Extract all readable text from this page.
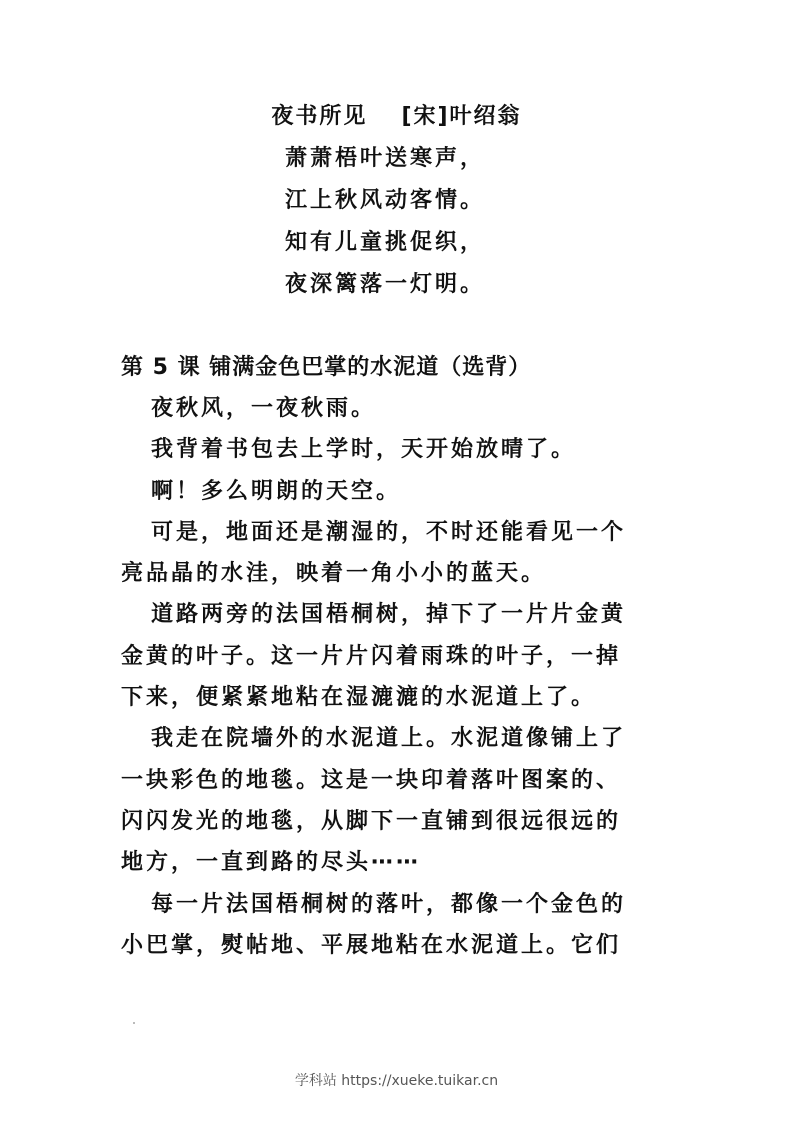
夜书所见 [宋]叶绍翁
萧萧梧叶送寒声，
江上秋风动客情。
知有儿童挑促织，
夜深篱落一灯明。
第 5 课 铺满金色巴掌的水泥道（选背）
夜秋风，一夜秋雨。
我背着书包去上学时，天开始放晴了。
啊！多么明朗的天空。
可是，地面还是潮湿的，不时还能看见一个
亮品晶的水洼，映着一角小小的蓝天。
道路两旁的法国梧桐树，掉下了一片片金黄
金黄的叶子。这一片片闪着雨珠的叶子，一掉
下来，便紧紧地粘在湿漉漉的水泥道上了。
我走在院墙外的水泥道上。水泥道像铺上了
一块彩色的地毯。这是一块印着落叶图案的、
闪闪发光的地毯，从脚下一直铺到很远很远的
地方，一直到路的尽头⋯⋯
每一片法国梧桐树的落叶，都像一个金色的
小巴掌，熨帖地、平展地粘在水泥道上。它们
学科站 https://xueke.tuikar.cn
